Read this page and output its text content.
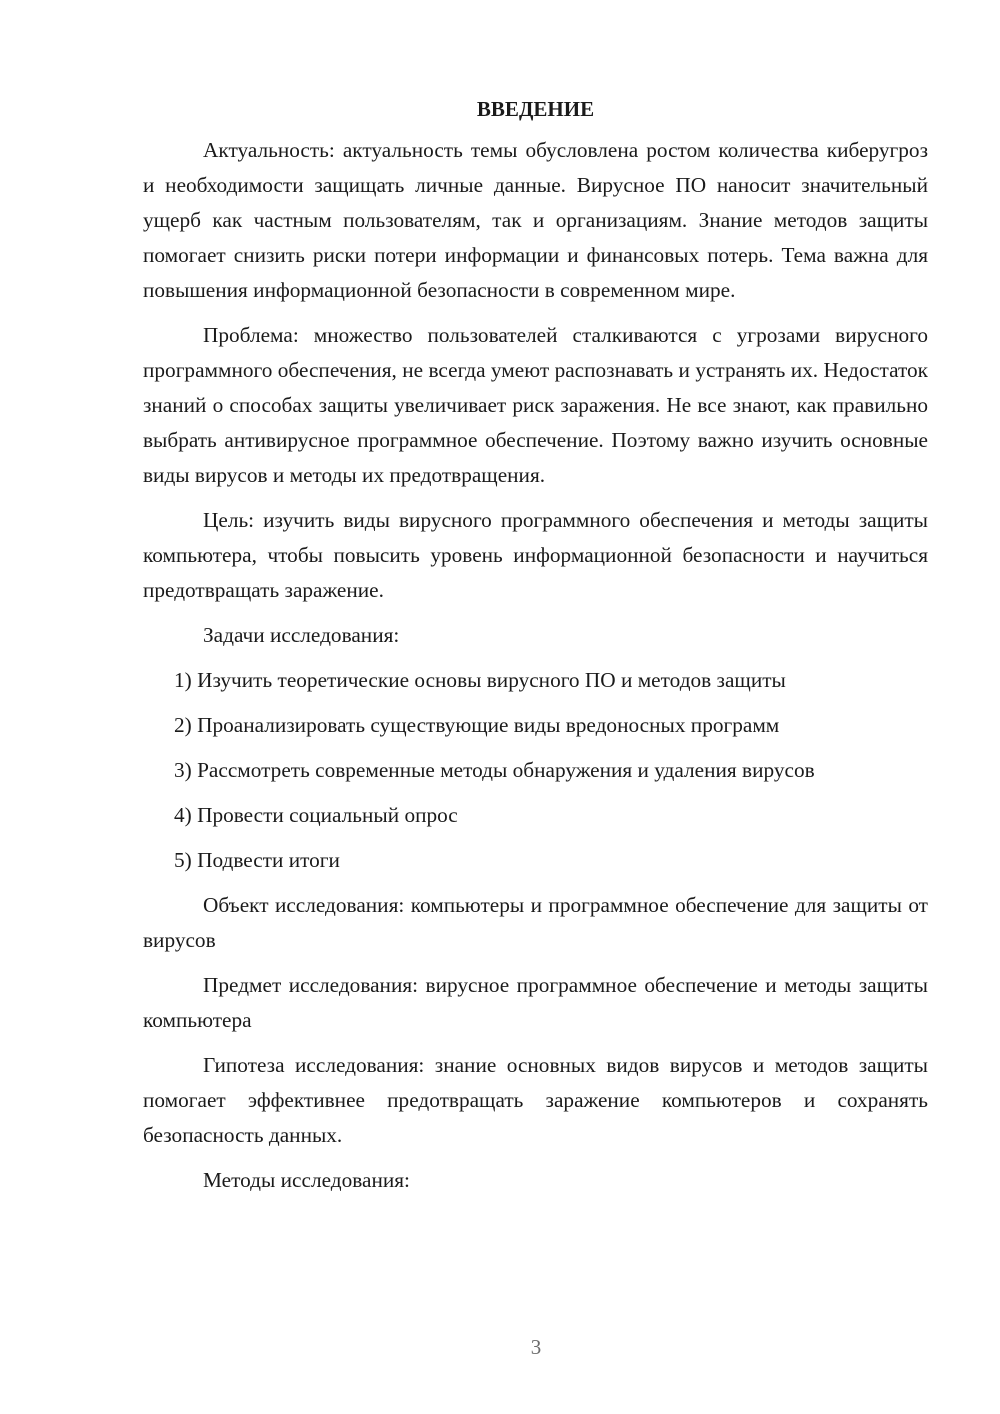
ВВЕДЕНИЕ

Актуальность: актуальность темы обусловлена ростом количества киберугроз и необходимости защищать личные данные. Вирусное ПО наносит значительный ущерб как частным пользователям, так и организациям. Знание методов защиты помогает снизить риски потери информации и финансовых потерь. Тема важна для повышения информационной безопасности в современном мире.

Проблема: множество пользователей сталкиваются с угрозами вирусного программного обеспечения, не всегда умеют распознавать и устранять их. Недостаток знаний о способах защиты увеличивает риск заражения. Не все знают, как правильно выбрать антивирусное программное обеспечение. Поэтому важно изучить основные виды вирусов и методы их предотвращения.

Цель: изучить виды вирусного программного обеспечения и методы защиты компьютера, чтобы повысить уровень информационной безопасности и научиться предотвращать заражение.

Задачи исследования:

1) Изучить теоретические основы вирусного ПО и методов защиты
2) Проанализировать существующие виды вредоносных программ
3) Рассмотреть современные методы обнаружения и удаления вирусов
4) Провести социальный опрос
5) Подвести итоги

Объект исследования: компьютеры и программное обеспечение для защиты от вирусов

Предмет исследования: вирусное программное обеспечение и методы защиты компьютера

Гипотеза исследования: знание основных видов вирусов и методов защиты помогает эффективнее предотвращать заражение компьютеров и сохранять безопасность данных.

Методы исследования:

3
